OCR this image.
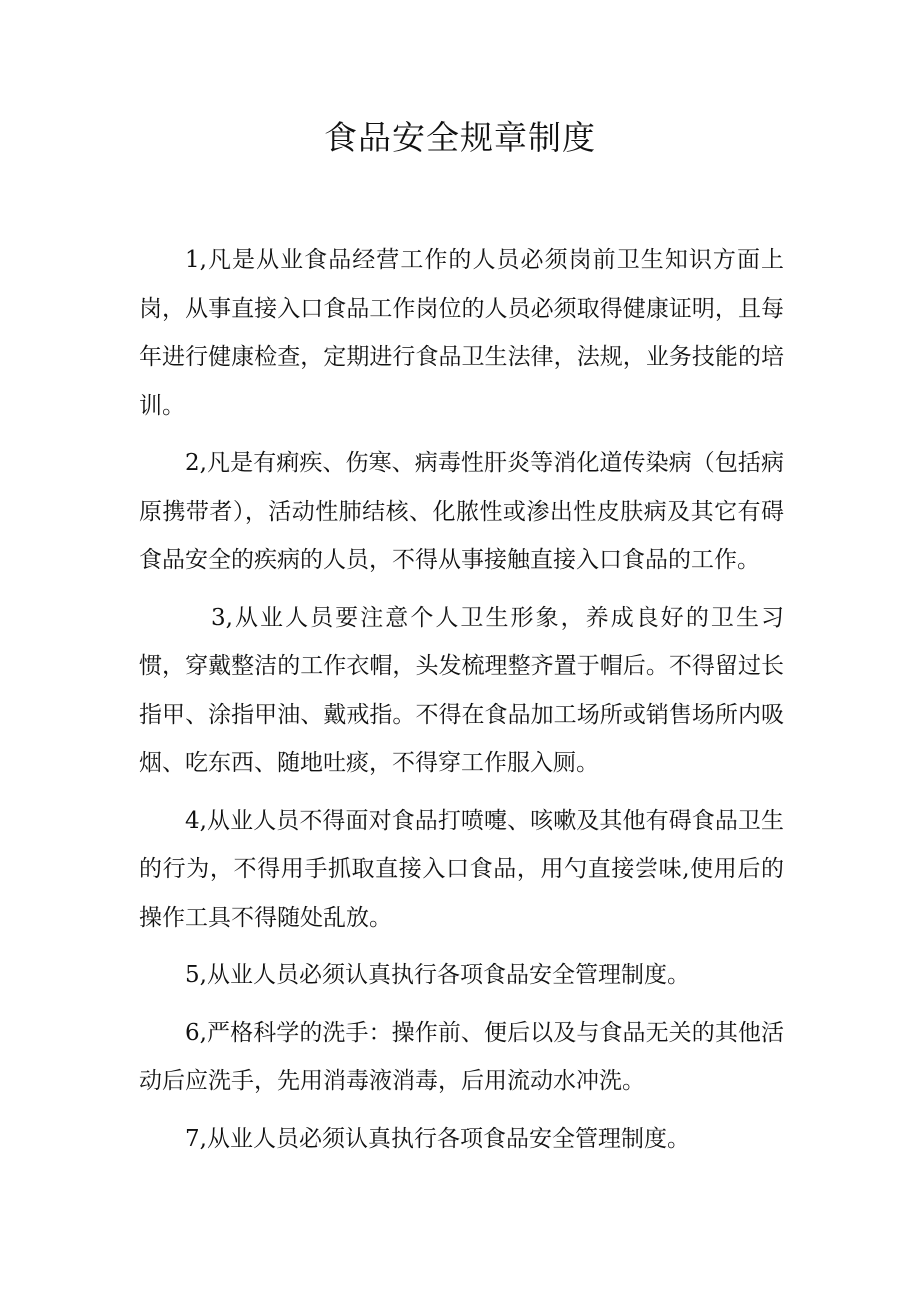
食品安全规章制度

1,凡是从业食品经营工作的人员必须岗前卫生知识方面上岗，从事直接入口食品工作岗位的人员必须取得健康证明，且每年进行健康检查，定期进行食品卫生法律，法规，业务技能的培训。

2,凡是有痢疾、伤寒、病毒性肝炎等消化道传染病（包括病原携带者），活动性肺结核、化脓性或渗出性皮肤病及其它有碍食品安全的疾病的人员，不得从事接触直接入口食品的工作。

3,从业人员要注意个人卫生形象，养成良好的卫生习惯，穿戴整洁的工作衣帽，头发梳理整齐置于帽后。不得留过长指甲、涂指甲油、戴戒指。不得在食品加工场所或销售场所内吸烟、吃东西、随地吐痰，不得穿工作服入厕。

4,从业人员不得面对食品打喷嚏、咳嗽及其他有碍食品卫生的行为，不得用手抓取直接入口食品，用勺直接尝味,使用后的操作工具不得随处乱放。

5,从业人员必须认真执行各项食品安全管理制度。

6,严格科学的洗手：操作前、便后以及与食品无关的其他活动后应洗手，先用消毒液消毒，后用流动水冲洗。

7,从业人员必须认真执行各项食品安全管理制度。
